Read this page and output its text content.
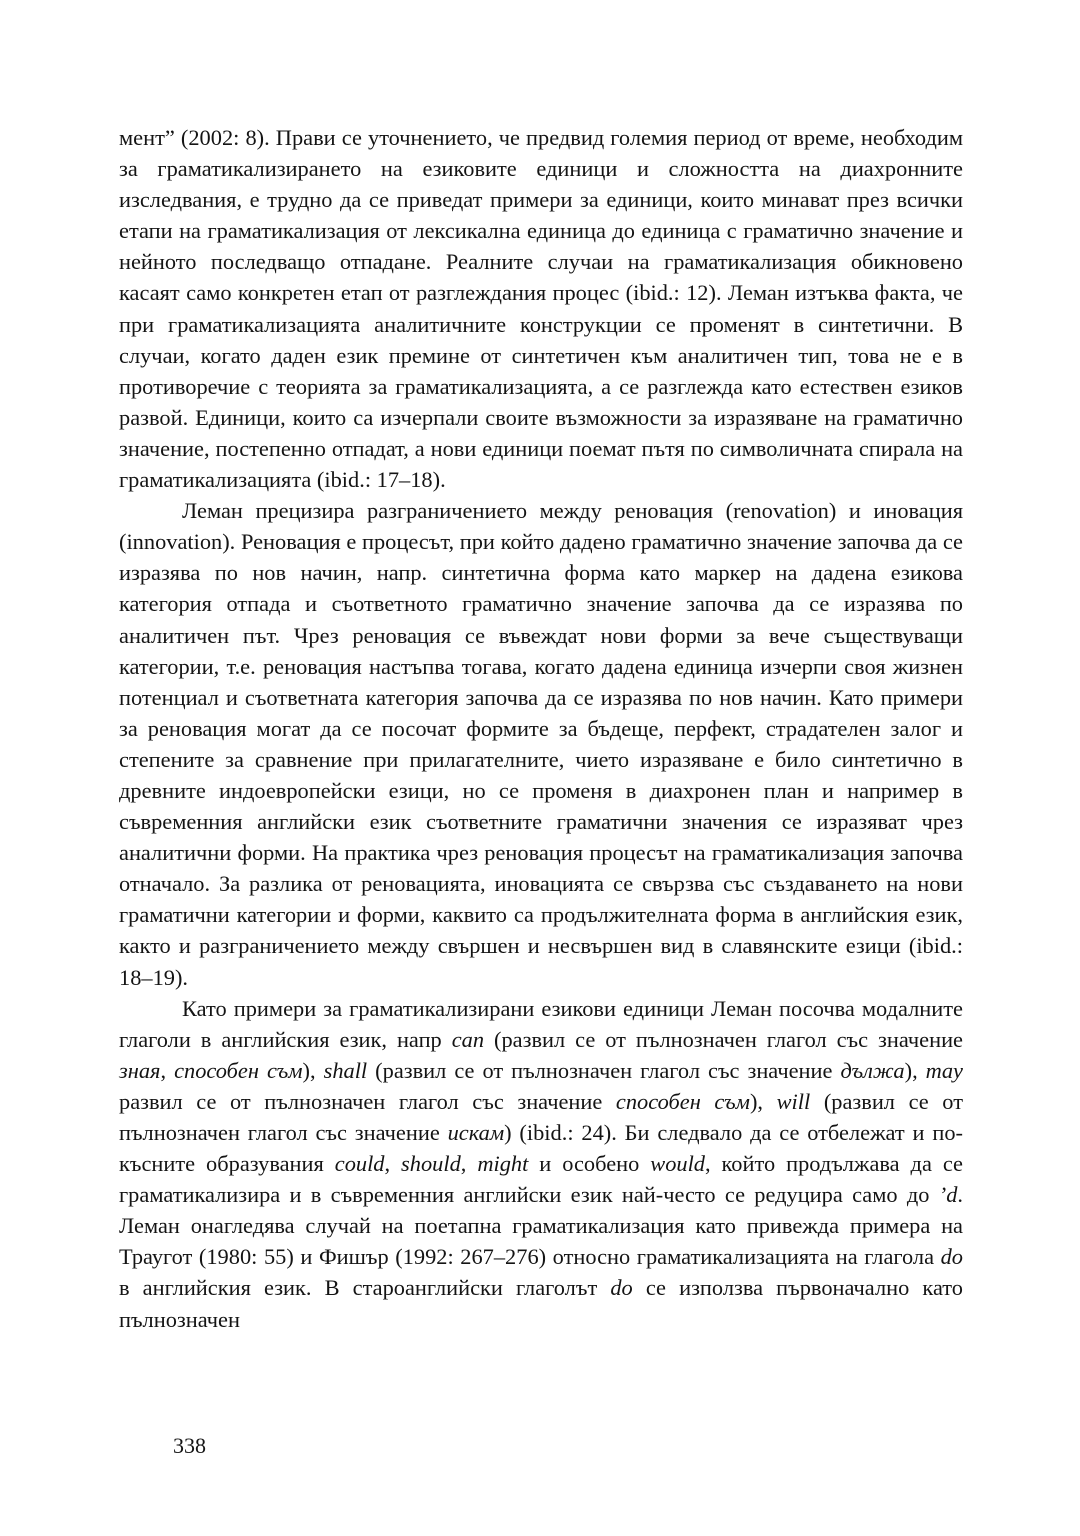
мент” (2002: 8). Прави се уточнението, че предвид големия период от време, необходим за граматикализирането на езиковите единици и сложността на диахронните изследвания, е трудно да се приведат примери за единици, които минават през всички етапи на граматикализация от лексикална единица до единица с граматично значение и нейното последващо отпадане. Реалните случаи на граматикализация обикновено касаят само конкретен етап от разглеждания процес (ibid.: 12). Леман изтъква факта, че при граматикализацията аналитичните конструкции се променят в синтетични. В случаи, когато даден език премине от синтетичен към аналитичен тип, това не е в противоречие с теорията за граматикализацията, а се разглежда като естествен езиков развой. Единици, които са изчерпали своите възможности за изразяване на граматично значение, постепенно отпадат, а нови единици поемат пътя по символичната спирала на граматикализацията (ibid.: 17–18).

Леман прецизира разграничението между реновация (renovation) и иновация (innovation). Реновация е процесът, при който дадено граматично значение започва да се изразява по нов начин, напр. синтетична форма като маркер на дадена езикова категория отпада и съответното граматично значение започва да се изразява по аналитичен път. Чрез реновация се въвеждат нови форми за вече съществуващи категории, т.е. реновация настъпва тогава, когато дадена единица изчерпи своя жизнен потенциал и съответната категория започва да се изразява по нов начин. Като примери за реновация могат да се посочат формите за бъдеще, перфект, страдателен залог и степените за сравнение при прилагателните, чието изразяване е било синтетично в древните индоевропейски езици, но се променя в диахронен план и например в съвременния английски език съответните граматични значения се изразяват чрез аналитични форми. На практика чрез реновация процесът на граматикализация започва отначало. За разлика от реновацията, иновацията се свързва със създаването на нови граматични категории и форми, каквито са продължителната форма в английския език, както и разграничението между свършен и несвършен вид в славянските езици (ibid.: 18–19).

Като примери за граматикализирани езикови единици Леман посочва модалните глаголи в английския език, напр can (развил се от пълнозначен глагол със значение зная, способен съм), shall (развил се от пълнозначен глагол със значение дължа), may развил се от пълнозначен глагол със значение способен съм), will (развил се от пълнозначен глагол със значение искам) (ibid.: 24). Би следвало да се отбележат и по-късните образувания could, should, might и особено would, който продължава да се граматикализира и в съвременния английски език най-често се редуцира само до ’d. Леман онагледява случай на поетапна граматикализация като привежда примера на Траугот (1980: 55) и Фишър (1992: 267–276) относно граматикализацията на глагола do в английския език. В староанглийски глаголът do се използва първоначално като пълнозначен

338
